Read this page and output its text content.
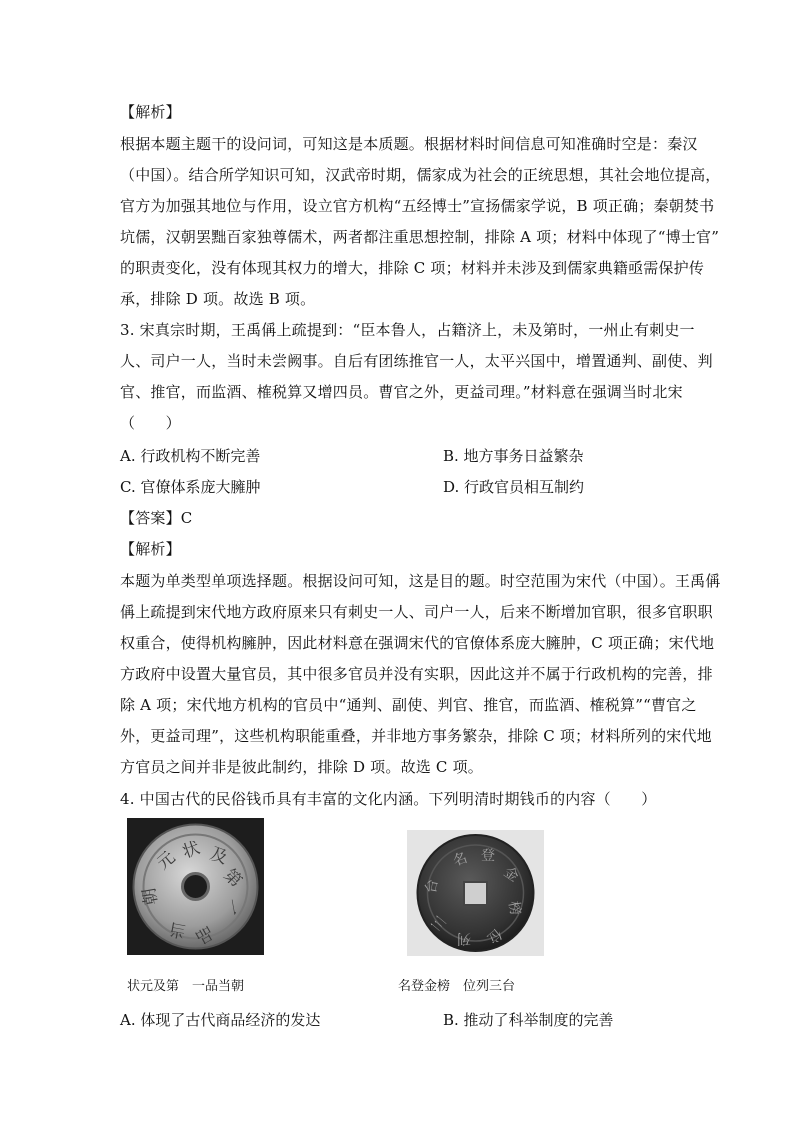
【解析】
根据本题主题干的设问词，可知这是本质题。根据材料时间信息可知准确时空是：秦汉
（中国）。结合所学知识可知，汉武帝时期，儒家成为社会的正统思想，其社会地位提高，
官方为加强其地位与作用，设立官方机构“五经博士”宣扬儒家学说，B 项正确；秦朝焚书
坑儒，汉朝罢黜百家独尊儒术，两者都注重思想控制，排除 A 项；材料中体现了“博士官”
的职责变化，没有体现其权力的增大，排除 C 项；材料并未涉及到儒家典籍亟需保护传
承，排除 D 项。故选 B 项。
3. 宋真宗时期，王禹偁上疏提到：“臣本鲁人，占籍济上，未及第时，一州止有刺史一
人、司户一人，当时未尝阙事。自后有团练推官一人，太平兴国中，增置通判、副使、判
官、推官，而监酒、榷税算又增四员。曹官之外，更益司理。”材料意在强调当时北宋
（　　）
A. 行政机构不断完善	B. 地方事务日益繁杂
C. 官僚体系庞大臃肿	D. 行政官员相互制约
【答案】C
【解析】
本题为单类型单项选择题。根据设问可知，这是目的题。时空范围为宋代（中国）。王禹偁
偁上疏提到宋代地方政府原来只有刺史一人、司户一人，后来不断增加官职，很多官职职
权重合，使得机构臃肿，因此材料意在强调宋代的官僚体系庞大臃肿，C 项正确；宋代地
方政府中设置大量官员，其中很多官员并没有实职，因此这并不属于行政机构的完善，排
除 A 项；宋代地方机构的官员中“通判、副使、判官、推官，而监酒、榷税算”“曹官之
外，更益司理”，这些机构职能重叠，并非地方事务繁杂，排除 C 项；材料所列的宋代地
方官员之间并非是彼此制约，排除 D 项。故选 C 项。
4. 中国古代的民俗钱币具有丰富的文化内涵。下列明清时期钱币的内容（　　）
状
元 及
第
一
品
当
朝
状元及第　一品当朝
名 登
金
榜
位
列
三
台
名登金榜　位列三台
A. 体现了古代商品经济的发达	B. 推动了科举制度的完善
